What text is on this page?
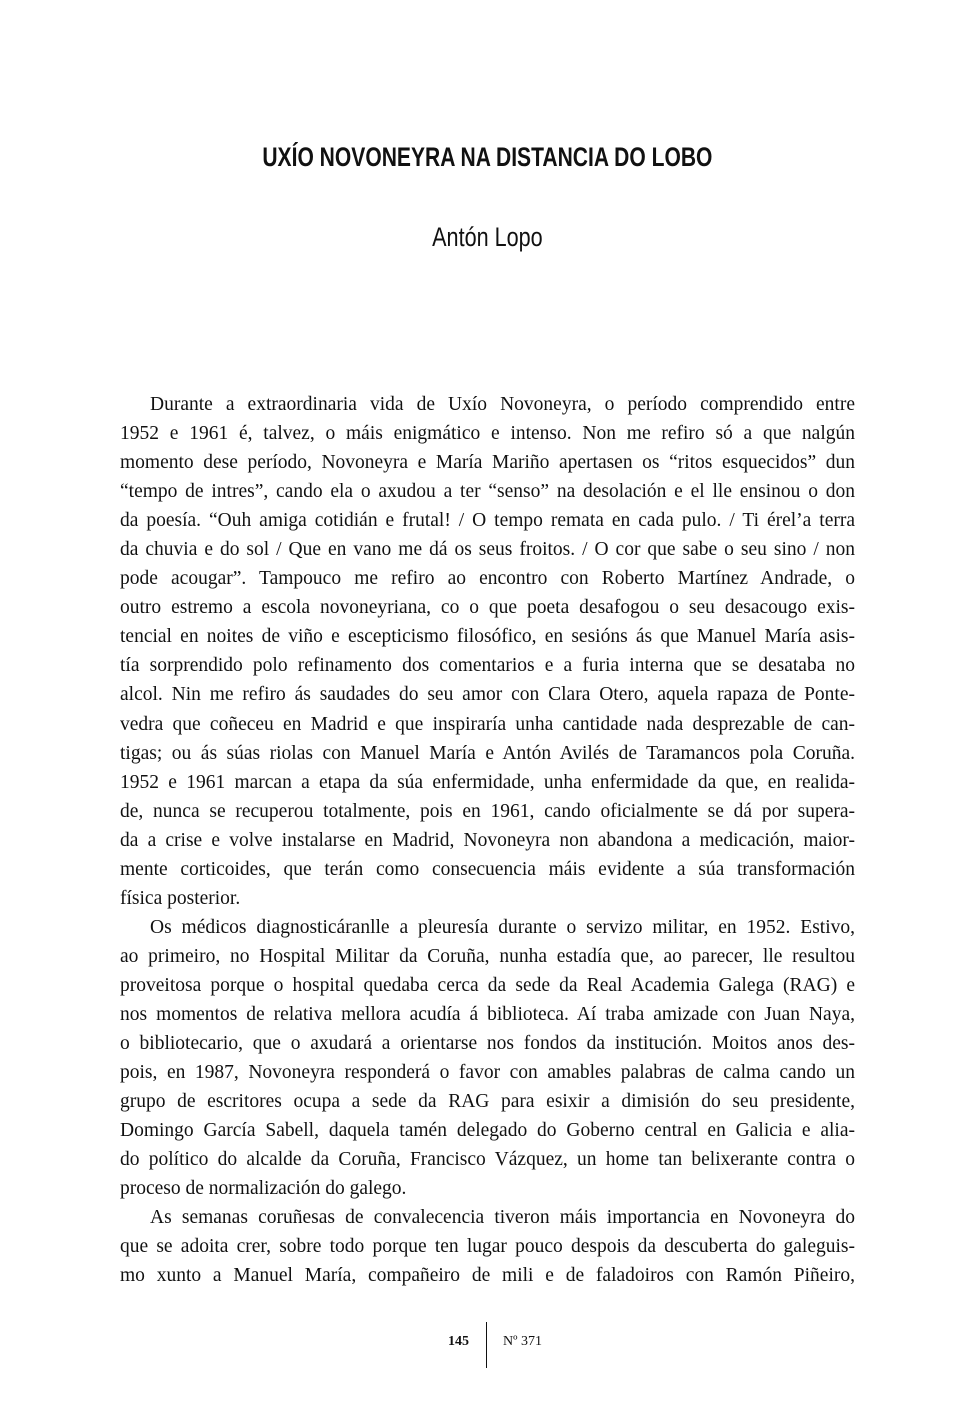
UXÍO NOVONEYRA NA DISTANCIA DO LOBO
Antón Lopo
Durante a extraordinaria vida de Uxío Novoneyra, o período comprendido entre
1952 e 1961 é, talvez, o máis enigmático e intenso. Non me refiro só a que nalgún
momento dese período, Novoneyra e María Mariño apertasen os “ritos esquecidos” dun
“tempo de intres”, cando ela o axudou a ter “senso” na desolación e el lle ensinou o don
da poesía. “Ouh amiga cotidián e frutal! / O tempo remata en cada pulo. / Ti érel’a terra
da chuvia e do sol / Que en vano me dá os seus froitos. / O cor que sabe o seu sino / non
pode acougar”. Tampouco me refiro ao encontro con Roberto Martínez Andrade, o
outro estremo a escola novoneyriana, co o que poeta desafogou o seu desacougo exis-
tencial en noites de viño e escepticismo filosófico, en sesións ás que Manuel María asis-
tía sorprendido polo refinamento dos comentarios e a furia interna que se desataba no
alcol. Nin me refiro ás saudades do seu amor con Clara Otero, aquela rapaza de Ponte-
vedra que coñeceu en Madrid e que inspiraría unha cantidade nada desprezable de can-
tigas; ou ás súas riolas con Manuel María e Antón Avilés de Taramancos pola Coruña.
1952 e 1961 marcan a etapa da súa enfermidade, unha enfermidade da que, en realida-
de, nunca se recuperou totalmente, pois en 1961, cando oficialmente se dá por supera-
da a crise e volve instalarse en Madrid, Novoneyra non abandona a medicación, maior-
mente corticoides, que terán como consecuencia máis evidente a súa transformación
física posterior.
Os médicos diagnosticáranlle a pleuresía durante o servizo militar, en 1952. Estivo,
ao primeiro, no Hospital Militar da Coruña, nunha estadía que, ao parecer, lle resultou
proveitosa porque o hospital quedaba cerca da sede da Real Academia Galega (RAG) e
nos momentos de relativa mellora acudía á biblioteca. Aí traba amizade con Juan Naya,
o bibliotecario, que o axudará a orientarse nos fondos da institución. Moitos anos des-
pois, en 1987, Novoneyra responderá o favor con amables palabras de calma cando un
grupo de escritores ocupa a sede da RAG para esixir a dimisión do seu presidente,
Domingo García Sabell, daquela tamén delegado do Goberno central en Galicia e alia-
do político do alcalde da Coruña, Francisco Vázquez, un home tan belixerante contra o
proceso de normalización do galego.
As semanas coruñesas de convalecencia tiveron máis importancia en Novoneyra do
que se adoita crer, sobre todo porque ten lugar pouco despois da descuberta do galeguis-
mo xunto a Manuel María, compañeiro de mili e de faladoiros con Ramón Piñeiro,
145 Nº 371
